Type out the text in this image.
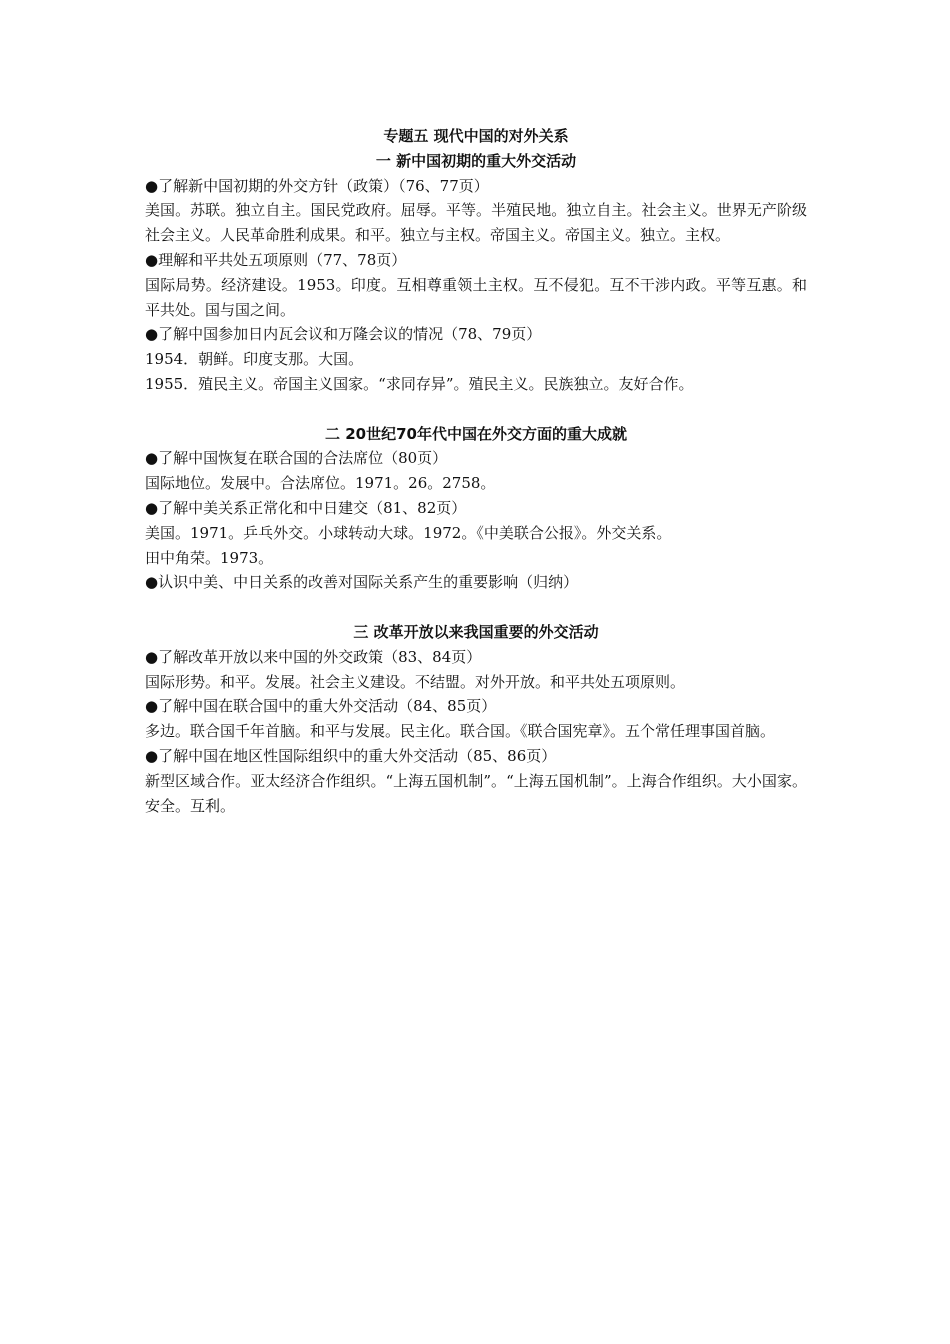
专题五 现代中国的对外关系
一 新中国初期的重大外交活动
●了解新中国初期的外交方针（政策）（76、77页）
美国。苏联。独立自主。国民党政府。屈辱。平等。半殖民地。独立自主。社会主义。世界无产阶级社会主义。人民革命胜利成果。和平。独立与主权。帝国主义。帝国主义。独立。主权。
●理解和平共处五项原则（77、78页）
国际局势。经济建设。1953。印度。互相尊重领土主权。互不侵犯。互不干涉内政。平等互惠。和平共处。国与国之间。
●了解中国参加日内瓦会议和万隆会议的情况（78、79页）
1954．朝鲜。印度支那。大国。
1955．殖民主义。帝国主义国家。“求同存异”。殖民主义。民族独立。友好合作。
二 20世纪70年代中国在外交方面的重大成就
●了解中国恢复在联合国的合法席位（80页）
国际地位。发展中。合法席位。1971。26。2758。
●了解中美关系正常化和中日建交（81、82页）
美国。1971。乒乓外交。小球转动大球。1972。《中美联合公报》。外交关系。
田中角荣。1973。
●认识中美、中日关系的改善对国际关系产生的重要影响（归纳）
三 改革开放以来我国重要的外交活动
●了解改革开放以来中国的外交政策（83、84页）
国际形势。和平。发展。社会主义建设。不结盟。对外开放。和平共处五项原则。
●了解中国在联合国中的重大外交活动（84、85页）
多边。联合国千年首脑。和平与发展。民主化。联合国。《联合国宪章》。五个常任理事国首脑。
●了解中国在地区性国际组织中的重大外交活动（85、86页）
新型区域合作。亚太经济合作组织。“上海五国机制”。“上海五国机制”。上海合作组织。大小国家。安全。互利。
